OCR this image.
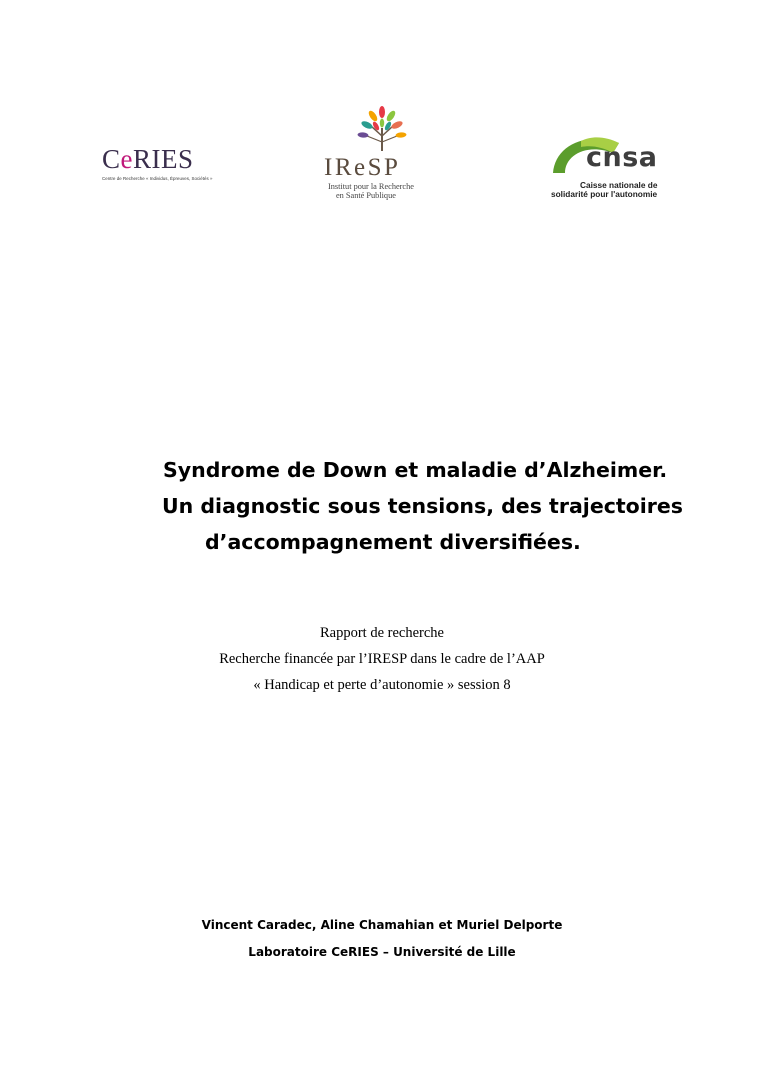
CeRIES
Centre de Recherche « Individus, Épreuves, Sociétés »	IReSP
Institut pour la Recherche
en Santé Publique
cnsa
Caisse nationale de
solidarité pour l'autonomie
Syndrome de Down et maladie d’Alzheimer.
Un diagnostic sous tensions, des trajectoires
d’accompagnement diversifiées.
Rapport de recherche
Recherche financée par l’IRESP dans le cadre de l’AAP
« Handicap et perte d’autonomie » session 8
Vincent Caradec, Aline Chamahian et Muriel Delporte
Laboratoire CeRIES – Université de Lille
